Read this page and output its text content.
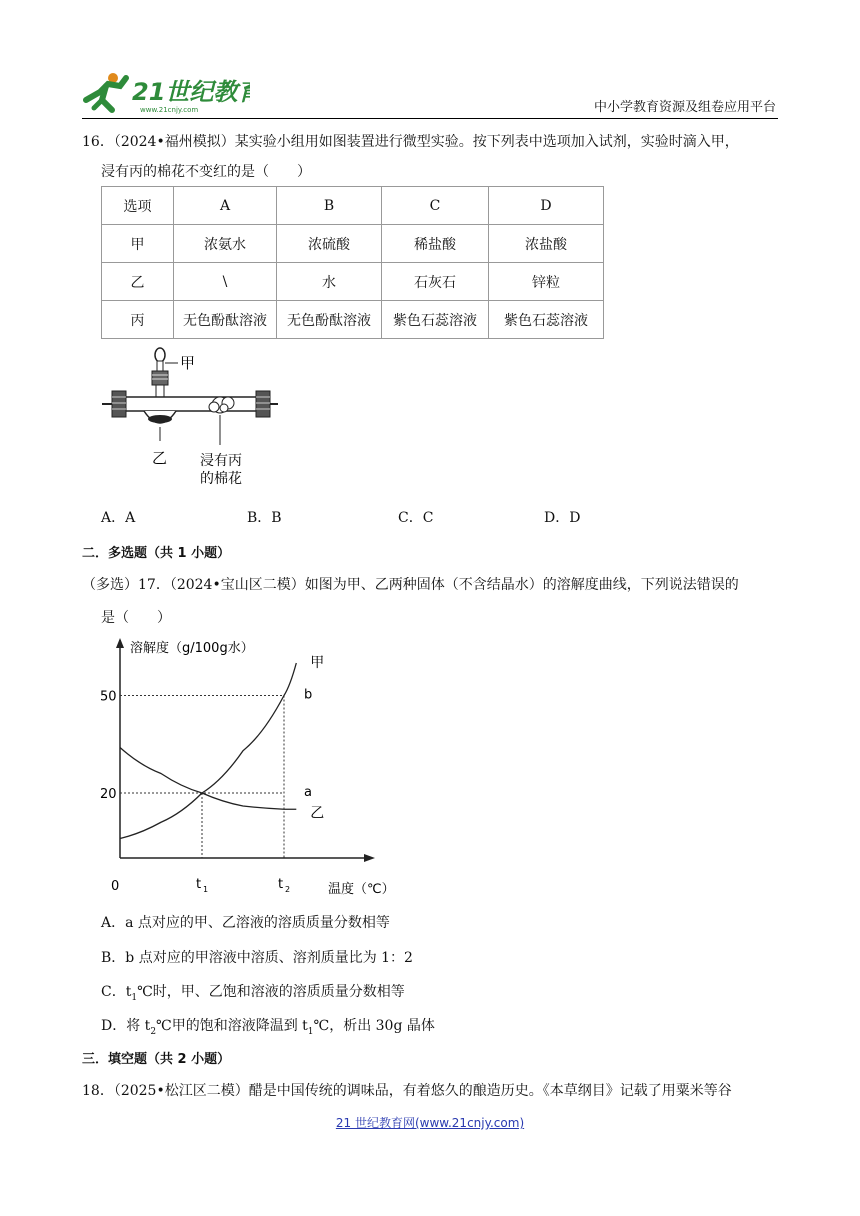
21世纪教育
www.21cnjy.com	中小学教育资源及组卷应用平台
16．（2024•福州模拟）某实验小组用如图装置进行微型实验。按下列表中选项加入试剂，实验时滴入甲，
浸有丙的棉花不变红的是（　　）
选项	A	B	C	D
甲	浓氨水	浓硫酸	稀盐酸	浓盐酸
乙	\	水	石灰石	锌粒
丙	无色酚酞溶液	无色酚酞溶液	紫色石蕊溶液	紫色石蕊溶液
甲
乙 浸有丙
的棉花
A．A	B．B	C．C	D．D
二．多选题（共 1 小题）
（多选）17．（2024•宝山区二模）如图为甲、乙两种固体（不含结晶水）的溶解度曲线，下列说法错误的
是（　　）
溶解度（g/100g水）
温度（℃）
0
50
20
t 1	t 2
甲
乙
b
a
A．a 点对应的甲、乙溶液的溶质质量分数相等
B．b 点对应的甲溶液中溶质、溶剂质量比为 1：2
C．$t_1℃$时，甲、乙饱和溶液的溶质质量分数相等
D．将 $t_2℃$甲的饱和溶液降温到 $t_1℃$，析出 30g 晶体
三．填空题（共 2 小题）
18．（2025•松江区二模）醋是中国传统的调味品，有着悠久的酿造历史。《本草纲目》记载了用粟米等谷
21 世纪教育网(www.21cnjy.com)
